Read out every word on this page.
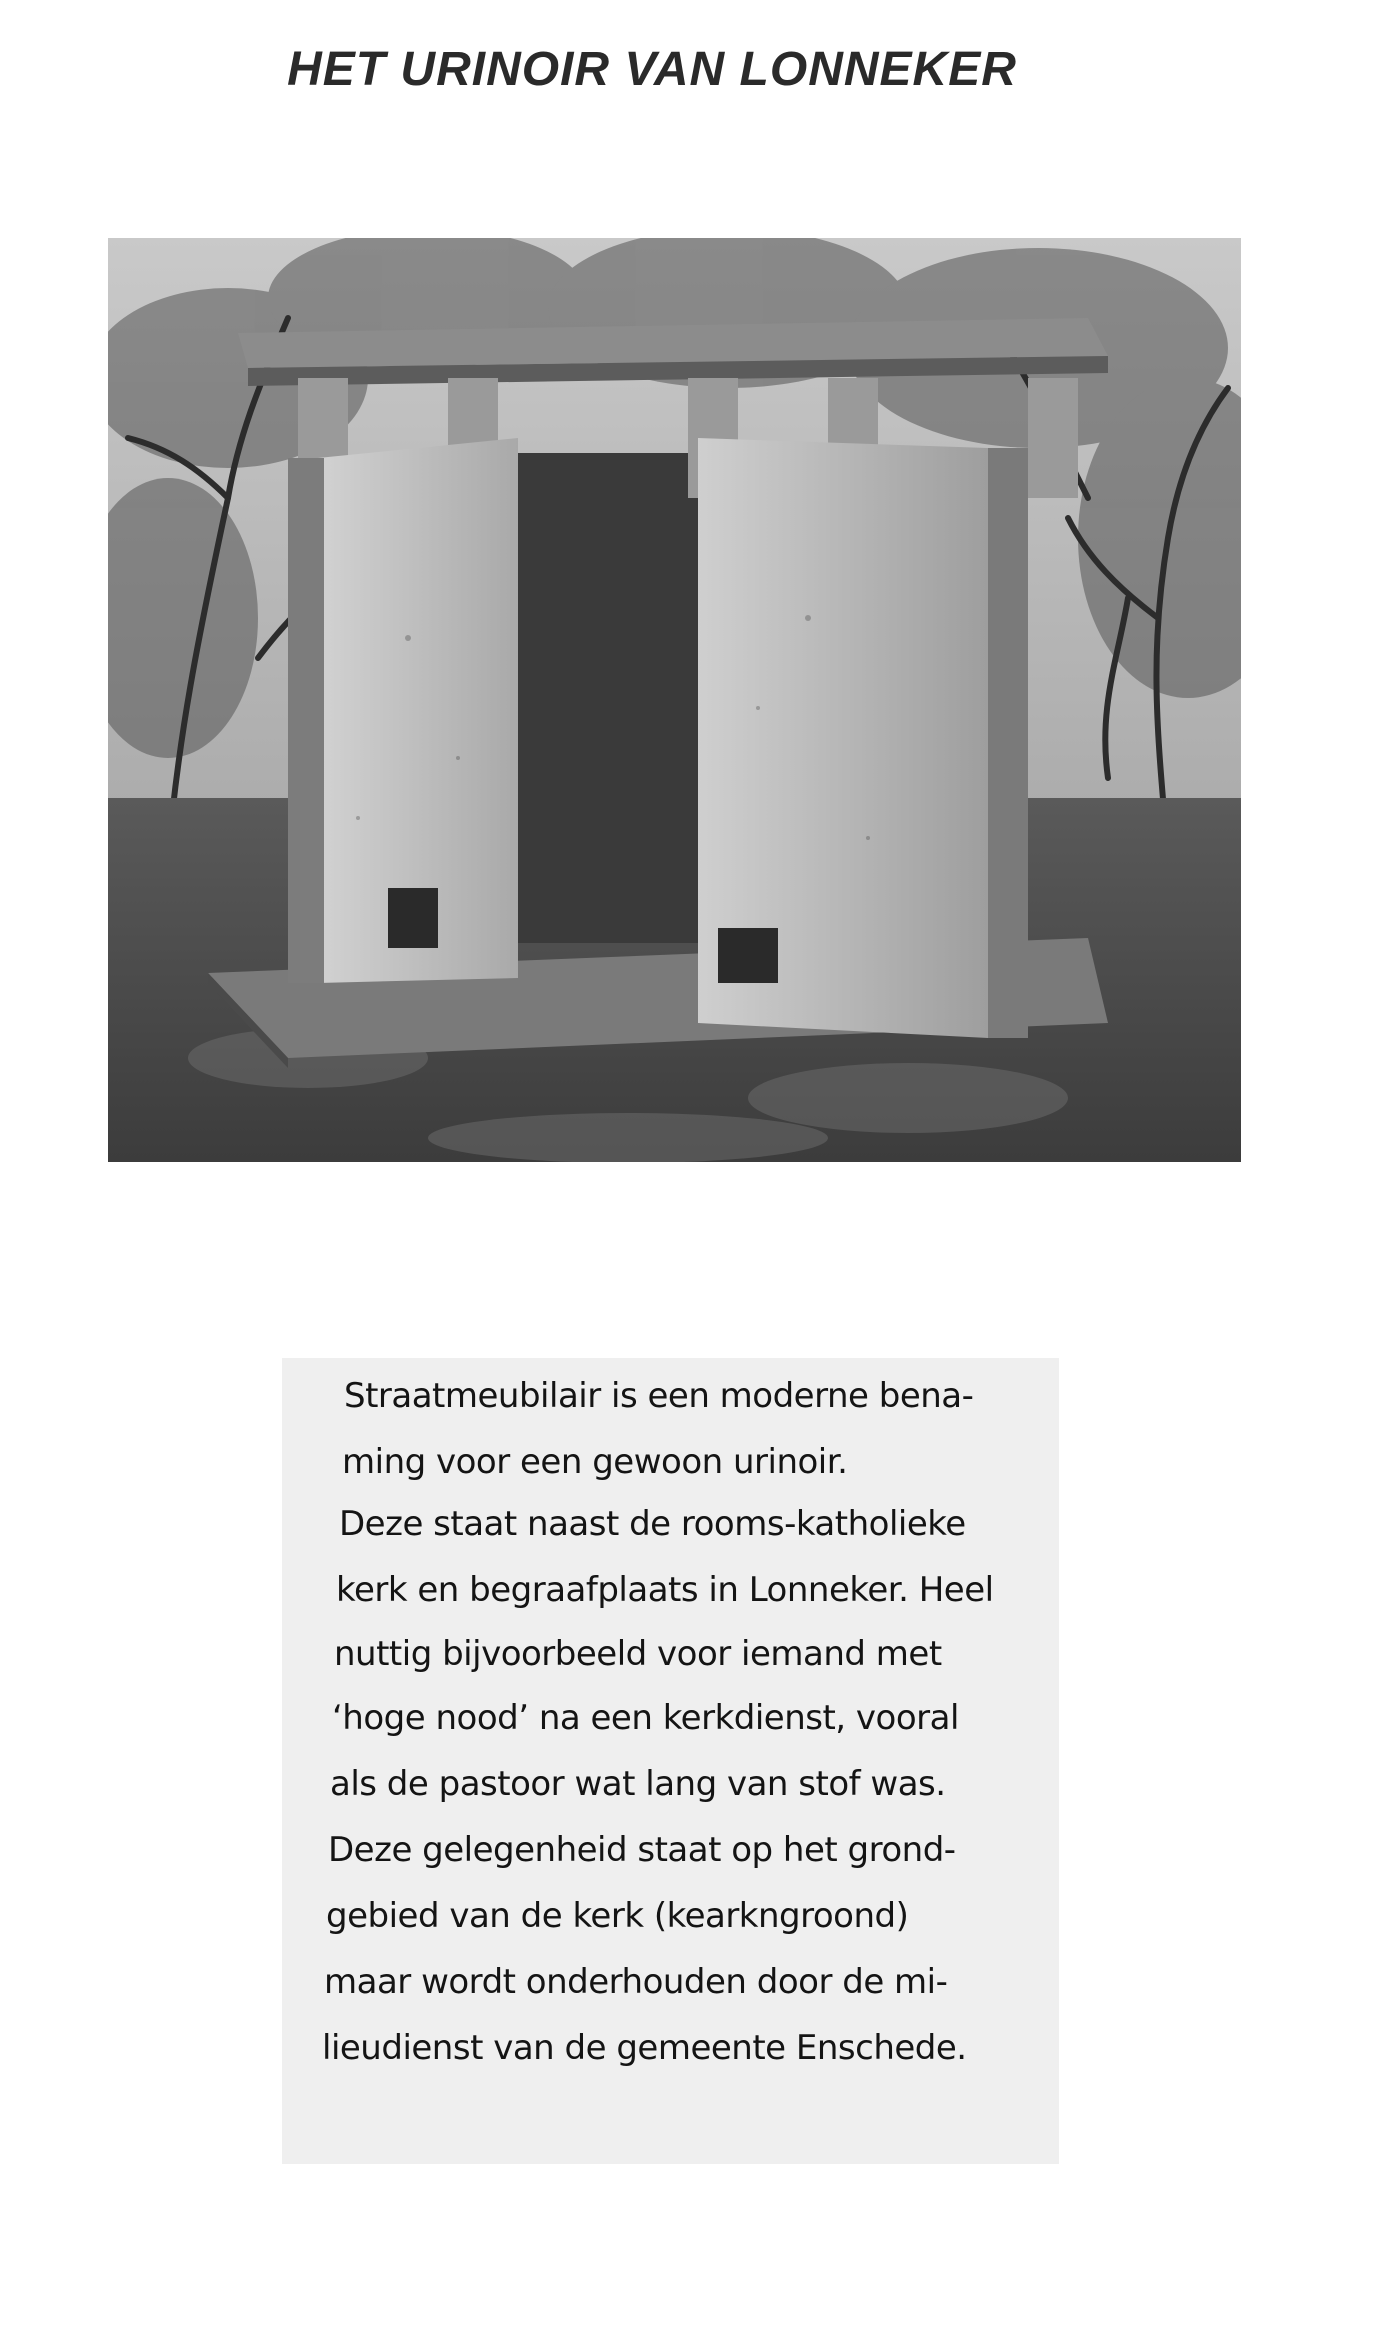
HET URINOIR VAN LONNEKER
Straatmeubilair is een moderne bena-
ming voor een gewoon urinoir.
Deze staat naast de rooms-katholieke
kerk en begraafplaats in Lonneker. Heel
nuttig bijvoorbeeld voor iemand met
‘hoge nood’ na een kerkdienst, vooral
als de pastoor wat lang van stof was.
Deze gelegenheid staat op het grond-
gebied van de kerk (kearkngroond)
maar wordt onderhouden door de mi-
lieudienst van de gemeente Enschede.
